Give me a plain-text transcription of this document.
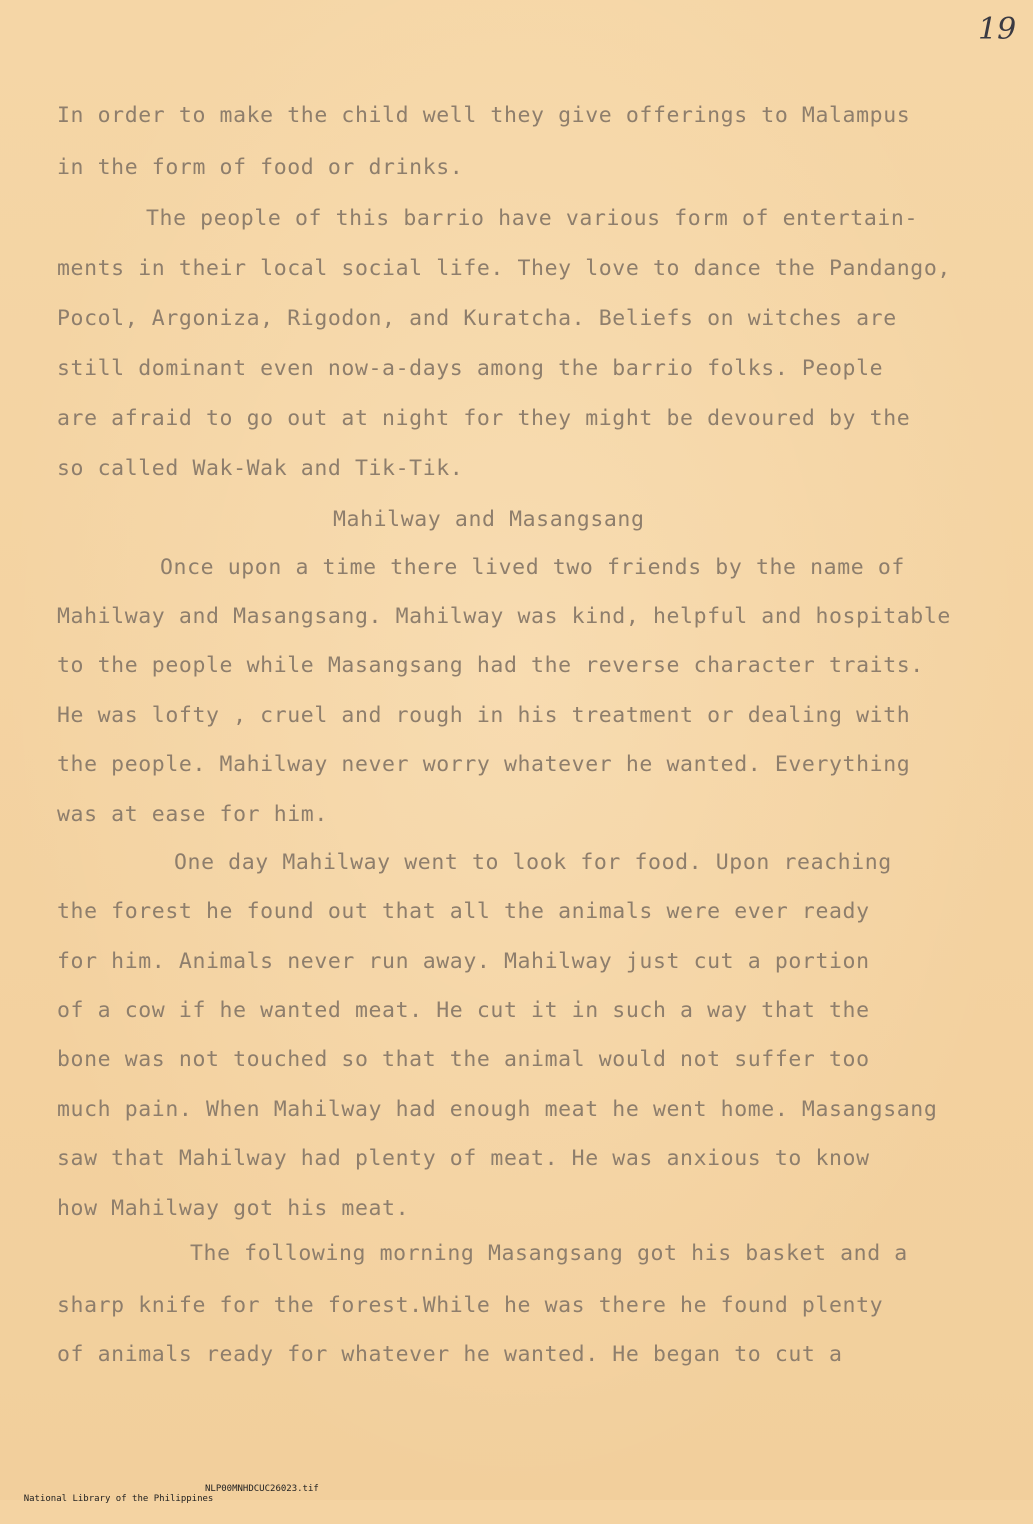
19
In order to make the child well they give offerings to Malampus
in the form of food or drinks.
The people of this barrio have various form of entertain-
ments in their local social life. They love to dance the Pandango,
Pocol, Argoniza, Rigodon, and Kuratcha. Beliefs on witches are
still dominant even now-a-days among the barrio folks. People
are afraid to go out at night for they might be devoured by the
so called Wak-Wak and Tik-Tik.
Mahilway and Masangsang
Once upon a time there lived two friends by the name of
Mahilway and Masangsang. Mahilway was kind, helpful and hospitable
to the people while Masangsang had the reverse character traits.
He was lofty , cruel and rough in his treatment or dealing with
the people. Mahilway never worry whatever he wanted. Everything
was at ease for him.
One day Mahilway went to look for food. Upon reaching
the forest he found out that all the animals were ever ready
for him. Animals never run away. Mahilway just cut a portion
of a cow if he wanted meat. He cut it in such a way that the
bone was not touched so that the animal would not suffer too
much pain. When Mahilway had enough meat he went home. Masangsang
saw that Mahilway had plenty of meat. He was anxious to know
how Mahilway got his meat.
The following morning Masangsang got his basket and a
sharp knife for the forest.While he was there he found plenty
of animals ready for whatever he wanted. He began to cut a

National Library of the Philippines

NLP00MNHDCUC26023.tif
